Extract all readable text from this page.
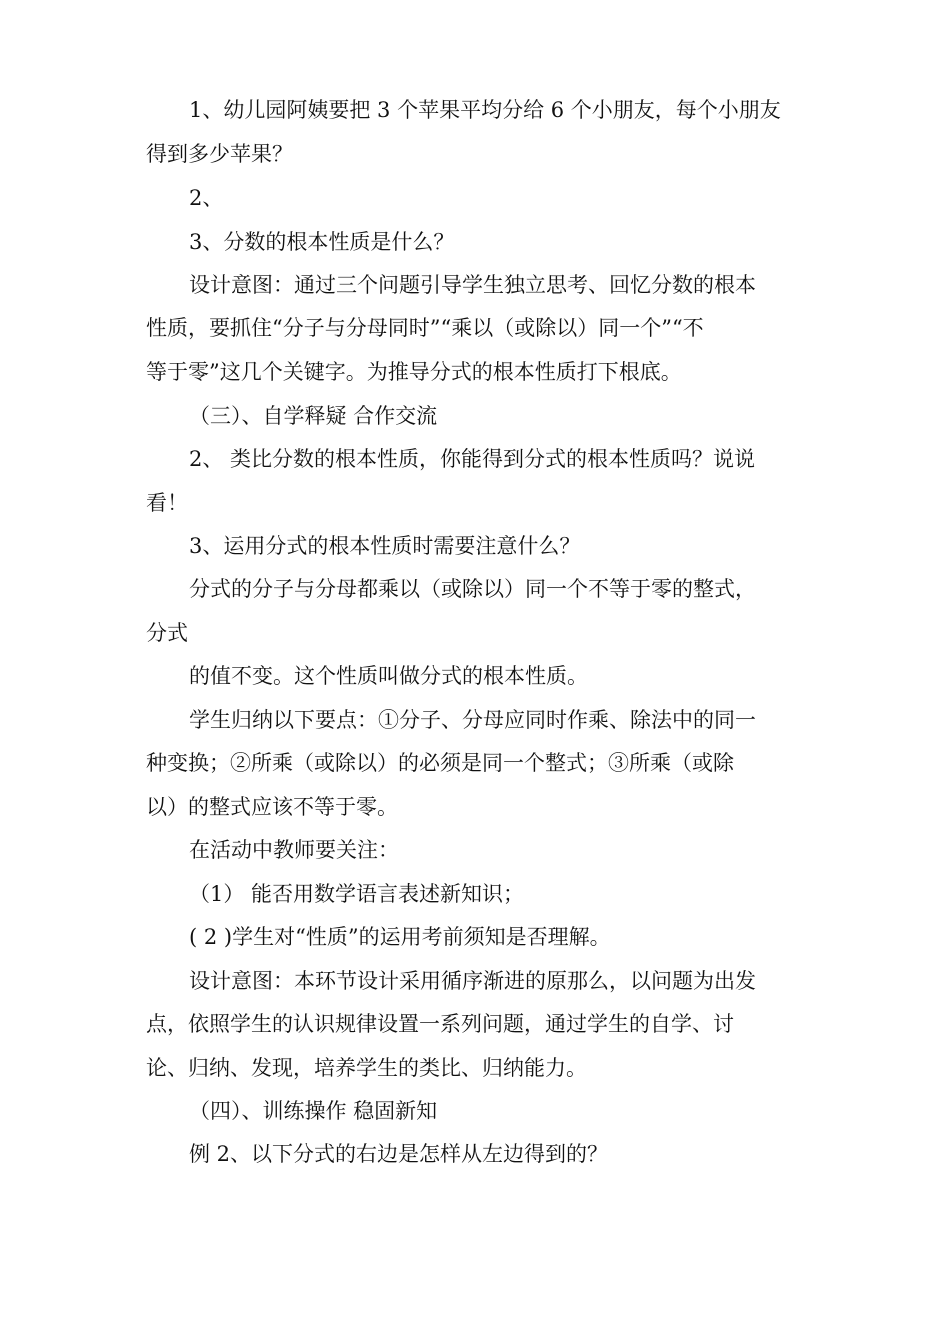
1、幼儿园阿姨要把 3 个苹果平均分给 6 个小朋友，每个小朋友

得到多少苹果？

2、

3、分数的根本性质是什么？

设计意图：通过三个问题引导学生独立思考、回忆分数的根本

性质，要抓住“分子与分母同时”“乘以（或除以）同一个”“不

等于零”这几个关键字。为推导分式的根本性质打下根底。

（三）、自学释疑 合作交流

2、 类比分数的根本性质，你能得到分式的根本性质吗？说说

看！

3、运用分式的根本性质时需要注意什么？

分式的分子与分母都乘以（或除以）同一个不等于零的整式，

分式

的值不变。这个性质叫做分式的根本性质。

学生归纳以下要点：①分子、分母应同时作乘、除法中的同一

种变换；②所乘（或除以）的必须是同一个整式；③所乘（或除

以）的整式应该不等于零。

在活动中教师要关注：

（1） 能否用数学语言表述新知识；

( 2 )学生对“性质”的运用考前须知是否理解。

设计意图：本环节设计采用循序渐进的原那么，以问题为出发

点，依照学生的认识规律设置一系列问题，通过学生的自学、讨

论、归纳、发现，培养学生的类比、归纳能力。

（四）、训练操作 稳固新知

例 2、以下分式的右边是怎样从左边得到的？
